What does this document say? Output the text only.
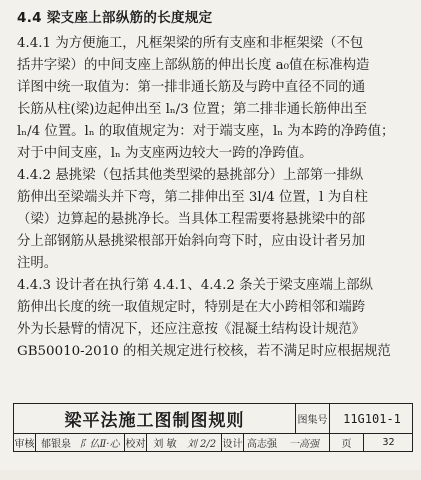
4.4 梁支座上部纵筋的长度规定

4.4.1 为方便施工，凡框架梁的所有支座和非框架梁（不包
括井字梁）的中间支座上部纵筋的伸出长度 a₀值在标准构造
详图中统一取值为：第一排非通长筋及与跨中直径不同的通
长筋从柱(梁)边起伸出至 lₙ/3 位置；第二排非通长筋伸出至
lₙ/4 位置。lₙ 的取值规定为：对于端支座，lₙ 为本跨的净跨值；
对于中间支座，lₙ 为支座两边较大一跨的净跨值。

4.4.2 悬挑梁（包括其他类型梁的悬挑部分）上部第一排纵
筋伸出至梁端头并下弯，第二排伸出至 3l/4 位置，l 为自柱
（梁）边算起的悬挑净长。当具体工程需要将悬挑梁中的部
分上部钢筋从悬挑梁根部开始斜向弯下时，应由设计者另加
注明。

4.4.3 设计者在执行第 4.4.1、4.4.2 条关于梁支座端上部纵
筋伸出长度的统一取值规定时，特别是在大小跨相邻和端跨
外为长悬臂的情况下，还应注意按《混凝土结构设计规范》
GB50010-2010 的相关规定进行校核，若不满足时应根据规范

梁平法施工图制图规则	图集号	11G101-1
审核 郁银泉 阝仏Ⅱ·心 校对 刘 敏	刘 2/2 设计 高志强	一高强	页	32
